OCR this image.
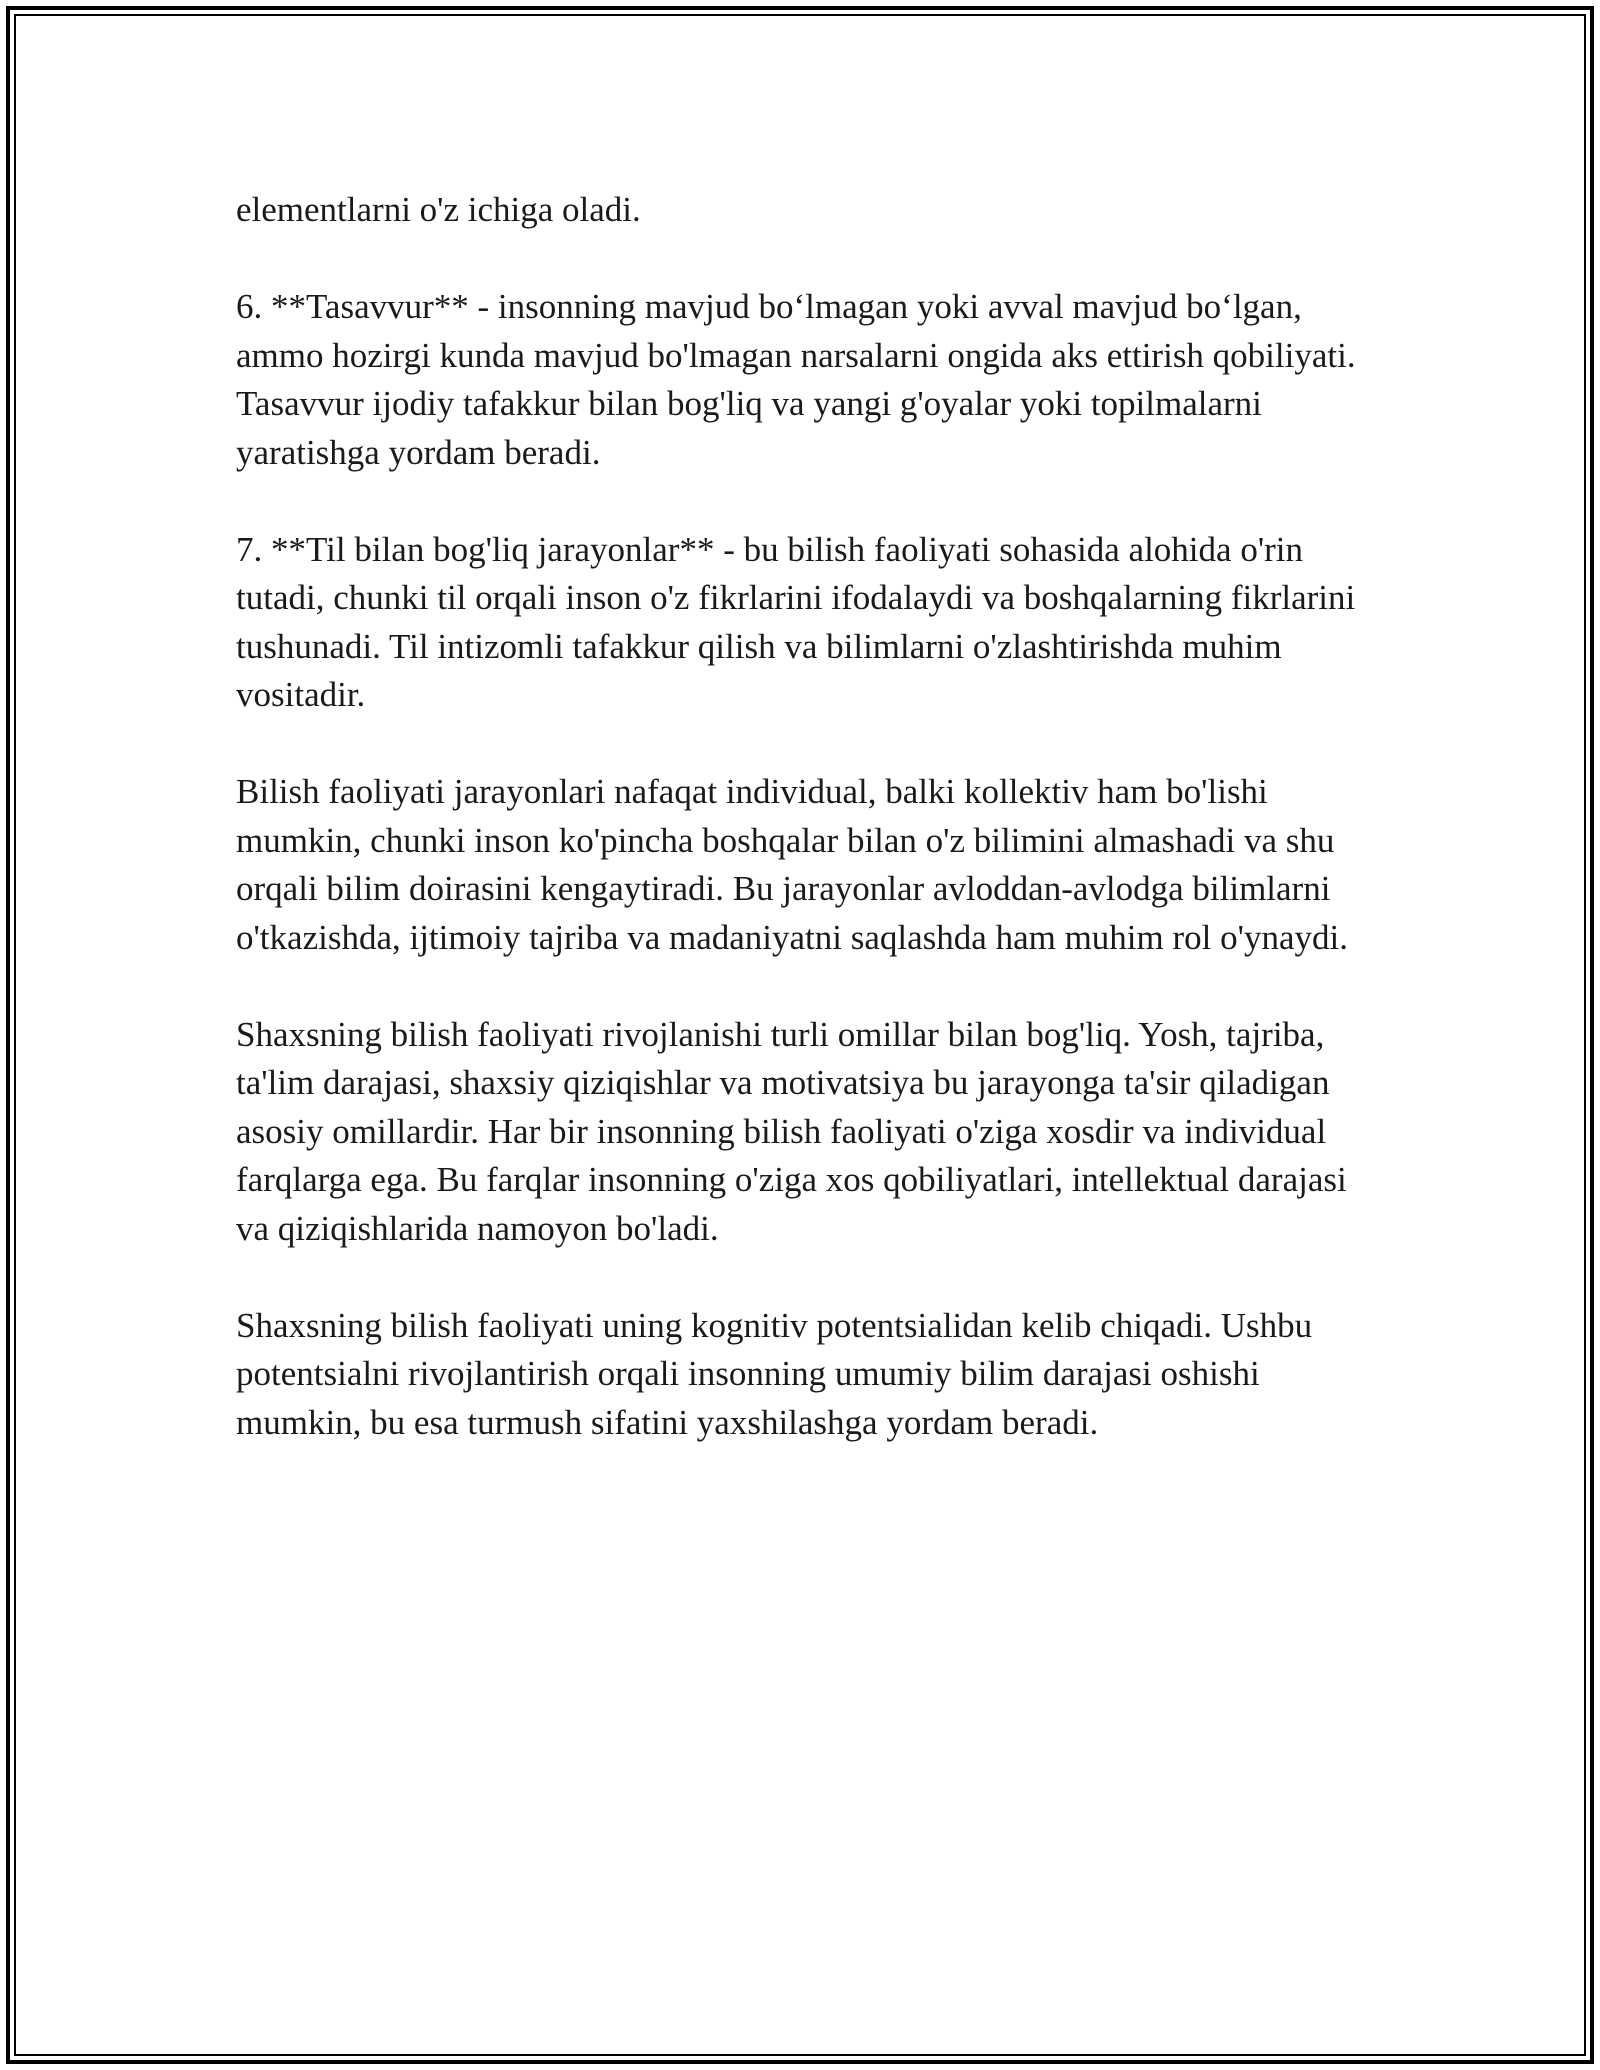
elementlarni o'z ichiga oladi.

6. **Tasavvur** - insonning mavjud bo‘lmagan yoki avval mavjud bo‘lgan, ammo hozirgi kunda mavjud bo'lmagan narsalarni ongida aks ettirish qobiliyati. Tasavvur ijodiy tafakkur bilan bog'liq va yangi g'oyalar yoki topilmalarni yaratishga yordam beradi.

7. **Til bilan bog'liq jarayonlar** - bu bilish faoliyati sohasida alohida o'rin tutadi, chunki til orqali inson o'z fikrlarini ifodalaydi va boshqalarning fikrlarini tushunadi. Til intizomli tafakkur qilish va bilimlarni o'zlashtirishda muhim vositadir.

Bilish faoliyati jarayonlari nafaqat individual, balki kollektiv ham bo'lishi mumkin, chunki inson ko'pincha boshqalar bilan o'z bilimini almashadi va shu orqali bilim doirasini kengaytiradi. Bu jarayonlar avloddan-avlodga bilimlarni o'tkazishda, ijtimoiy tajriba va madaniyatni saqlashda ham muhim rol o'ynaydi.

Shaxsning bilish faoliyati rivojlanishi turli omillar bilan bog'liq. Yosh, tajriba, ta'lim darajasi, shaxsiy qiziqishlar va motivatsiya bu jarayonga ta'sir qiladigan asosiy omillardir. Har bir insonning bilish faoliyati o'ziga xosdir va individual farqlarga ega. Bu farqlar insonning o'ziga xos qobiliyatlari, intellektual darajasi va qiziqishlarida namoyon bo'ladi.

Shaxsning bilish faoliyati uning kognitiv potentsialidan kelib chiqadi. Ushbu potentsialni rivojlantirish orqali insonning umumiy bilim darajasi oshishi mumkin, bu esa turmush sifatini yaxshilashga yordam beradi.
